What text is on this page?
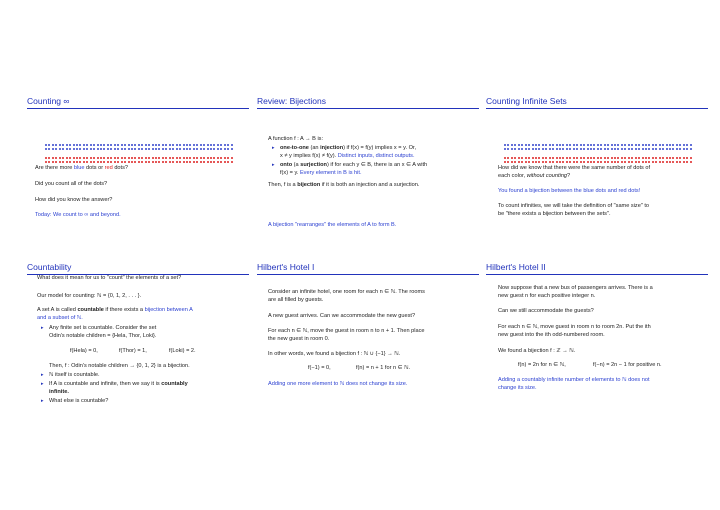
Counting ∞

Are there more blue dots or red dots?

Did you count all of the dots?

How did you know the answer?

Today: We count to ∞ and beyond.

Review: Bijections

A function f : A → B is:

▸ one-to-one (an injection) if f(x) = f(y) implies x = y. Or,

x ≠ y implies f(x) ≠ f(y). Distinct inputs, distinct outputs.

▸ onto (a surjection) if for each y ∈ B, there is an x ∈ A with

f(x) = y. Every element in B is hit.

Then, f is a bijection if it is both an injection and a surjection.

A bijection "rearranges" the elements of A to form B.

Counting Infinite Sets

How did we know that there were the same number of dots of

each color, without counting?

You found a bijection between the blue dots and red dots!

To count infinities, we will take the definition of "same size" to

be "there exists a bijection between the sets".

Countability

What does it mean for us to "count" the elements of a set?

Our model for counting: ℕ = {0, 1, 2, . . . }.

A set A is called countable if there exists a bijection between A

and a subset of ℕ.

▸ Any finite set is countable. Consider the set

Odin's notable children = {Hela, Thor, Loki}.

f(Hela) = 0,	f(Thor) = 1,	f(Loki) = 2.

Then, f : Odin's notable children → {0, 1, 2} is a bijection.

▸ ℕ itself is countable.

▸ If A is countable and infinite, then we say it is countably

infinite.

▸ What else is countable?

Hilbert's Hotel I

Consider an infinite hotel, one room for each n ∈ ℕ. The rooms

are all filled by guests.

A new guest arrives. Can we accommodate the new guest?

For each n ∈ ℕ, move the guest in room n to n + 1. Then place

the new guest in room 0.

In other words, we found a bijection f : ℕ ∪ {−1} → ℕ.

f(−1) = 0,	f(n) = n + 1 for n ∈ ℕ.

Adding one more element to ℕ does not change its size.

Hilbert's Hotel II

Now suppose that a new bus of passengers arrives. There is a

new guest n for each positive integer n.

Can we still accommodate the guests?

For each n ∈ ℕ, move guest in room n to room 2n. Put the ith

new guest into the ith odd-numbered room.

We found a bijection f : ℤ → ℕ.

f(n) = 2n for n ∈ ℕ,	f(−n) = 2n − 1 for positive n.

Adding a countably infinite number of elements to ℕ does not

change its size.
